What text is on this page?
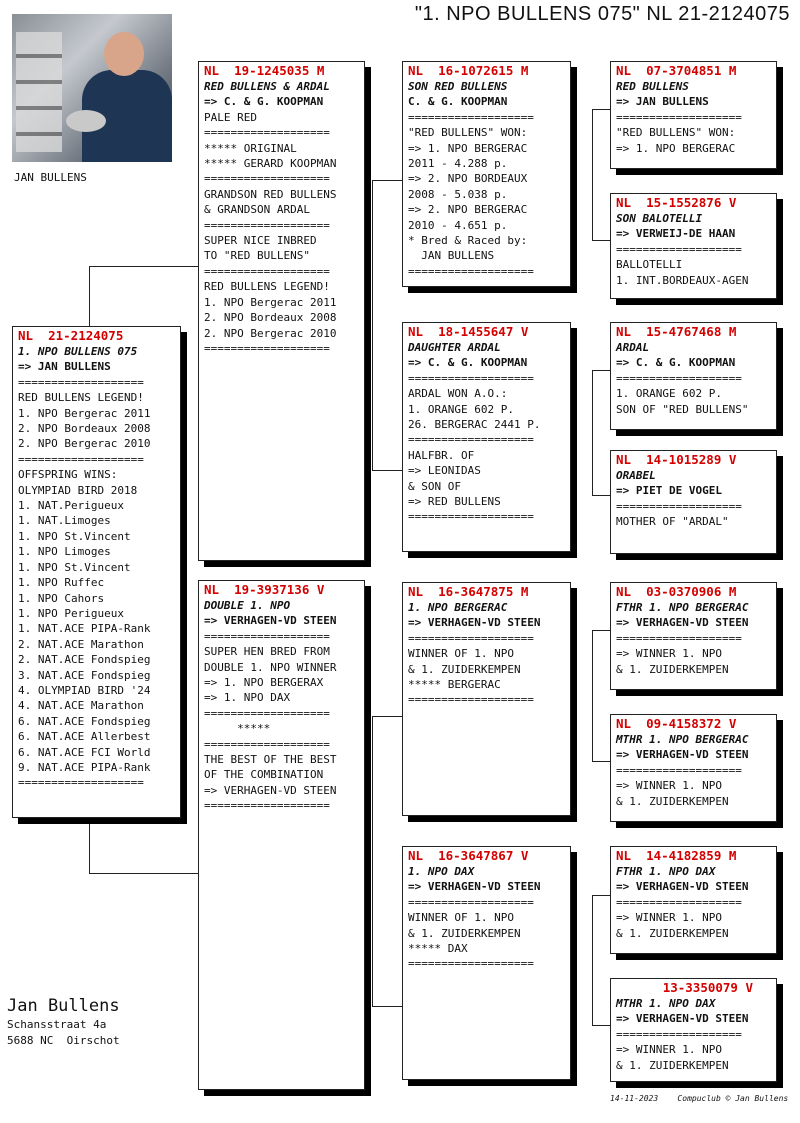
"1. NPO BULLENS 075" NL 21-2124075
JAN BULLENS
NL  21-2124075
1. NPO BULLENS 075
=> JAN BULLENS
===================
RED BULLENS LEGEND!
1. NPO Bergerac 2011
2. NPO Bordeaux 2008
2. NPO Bergerac 2010
===================
OFFSPRING WINS:
OLYMPIAD BIRD 2018
1. NAT.Perigueux
1. NAT.Limoges
1. NPO St.Vincent
1. NPO Limoges
1. NPO St.Vincent
1. NPO Ruffec
1. NPO Cahors
1. NPO Perigueux
1. NAT.ACE PIPA-Rank
2. NAT.ACE Marathon
2. NAT.ACE Fondspieg
3. NAT.ACE Fondspieg
4. OLYMPIAD BIRD '24
4. NAT.ACE Marathon
6. NAT.ACE Fondspieg
6. NAT.ACE Allerbest
6. NAT.ACE FCI World
9. NAT.ACE PIPA-Rank
===================
NL  19-1245035 M
RED BULLENS & ARDAL
=> C. & G. KOOPMAN
PALE RED
===================
***** ORIGINAL
***** GERARD KOOPMAN
===================
GRANDSON RED BULLENS
& GRANDSON ARDAL
===================
SUPER NICE INBRED
TO "RED BULLENS"
===================
RED BULLENS LEGEND!
1. NPO Bergerac 2011
2. NPO Bordeaux 2008
2. NPO Bergerac 2010
===================
NL  19-3937136 V
DOUBLE 1. NPO
=> VERHAGEN-VD STEEN
===================
SUPER HEN BRED FROM
DOUBLE 1. NPO WINNER
=> 1. NPO BERGERAX
=> 1. NPO DAX
===================
*****
===================
THE BEST OF THE BEST
OF THE COMBINATION
=> VERHAGEN-VD STEEN
===================
NL  16-1072615 M
SON RED BULLENS
C. & G. KOOPMAN
===================
"RED BULLENS" WON:
=> 1. NPO BERGERAC
2011 - 4.288 p.
=> 2. NPO BORDEAUX
2008 - 5.038 p.
=> 2. NPO BERGERAC
2010 - 4.651 p.
* Bred & Raced by:
JAN BULLENS
===================
NL  18-1455647 V
DAUGHTER ARDAL
=> C. & G. KOOPMAN
===================
ARDAL WON A.O.:
1. ORANGE 602 P.
26. BERGERAC 2441 P.
===================
HALFBR. OF
=> LEONIDAS
& SON OF
=> RED BULLENS
===================
NL  16-3647875 M
1. NPO BERGERAC
=> VERHAGEN-VD STEEN
===================
WINNER OF 1. NPO
& 1. ZUIDERKEMPEN
***** BERGERAC
===================
NL  16-3647867 V
1. NPO DAX
=> VERHAGEN-VD STEEN
===================
WINNER OF 1. NPO
& 1. ZUIDERKEMPEN
***** DAX
===================
NL  07-3704851 M
RED BULLENS
=> JAN BULLENS
===================
"RED BULLENS" WON:
=> 1. NPO BERGERAC
NL  15-1552876 V
SON BALOTELLI
=> VERWEIJ-DE HAAN
===================
BALLOTELLI
1. INT.BORDEAUX-AGEN
NL  15-4767468 M
ARDAL
=> C. & G. KOOPMAN
===================
1. ORANGE 602 P.
SON OF "RED BULLENS"
NL  14-1015289 V
ORABEL
=> PIET DE VOGEL
===================
MOTHER OF "ARDAL"
NL  03-0370906 M
FTHR 1. NPO BERGERAC
=> VERHAGEN-VD STEEN
===================
=> WINNER 1. NPO
& 1. ZUIDERKEMPEN
NL  09-4158372 V
MTHR 1. NPO BERGERAC
=> VERHAGEN-VD STEEN
===================
=> WINNER 1. NPO
& 1. ZUIDERKEMPEN
NL  14-4182859 M
FTHR 1. NPO DAX
=> VERHAGEN-VD STEEN
===================
=> WINNER 1. NPO
& 1. ZUIDERKEMPEN
13-3350079 V
MTHR 1. NPO DAX
=> VERHAGEN-VD STEEN
===================
=> WINNER 1. NPO
& 1. ZUIDERKEMPEN
Jan Bullens
Schansstraat 4a
5688 NC  Oirschot
14-11-2023    Compuclub © Jan Bullens
